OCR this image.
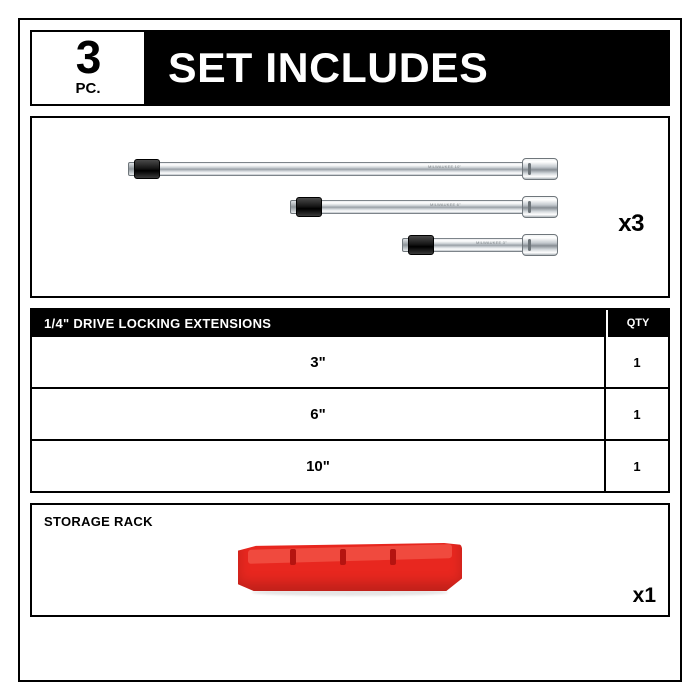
3
PC. SET INCLUDES
MILWAUKEE 10"
MILWAUKEE 6"
MILWAUKEE 3"
x3
1/4" DRIVE LOCKING EXTENSIONS	QTY
3"	1
6"	1
10"	1
STORAGE RACK
x1
